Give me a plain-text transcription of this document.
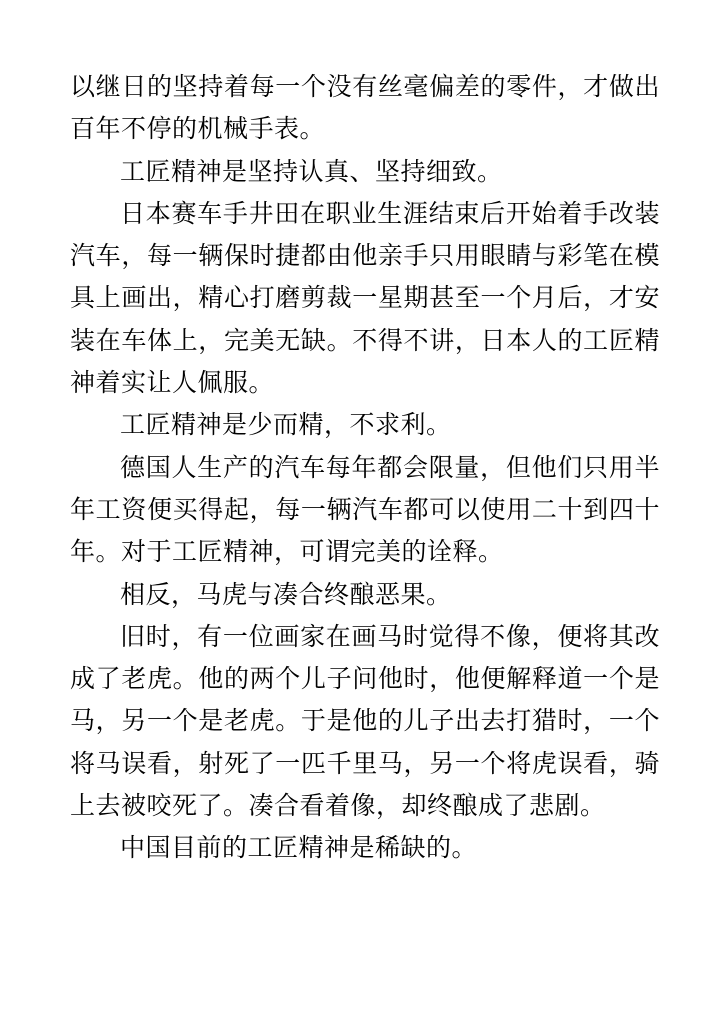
以继日的坚持着每一个没有丝毫偏差的零件，才做出百年不停的机械手表。

工匠精神是坚持认真、坚持细致。

日本赛车手井田在职业生涯结束后开始着手改装汽车，每一辆保时捷都由他亲手只用眼睛与彩笔在模具上画出，精心打磨剪裁一星期甚至一个月后，才安装在车体上，完美无缺。不得不讲，日本人的工匠精神着实让人佩服。

工匠精神是少而精，不求利。

德国人生产的汽车每年都会限量，但他们只用半年工资便买得起，每一辆汽车都可以使用二十到四十年。对于工匠精神，可谓完美的诠释。

相反，马虎与凑合终酿恶果。

旧时，有一位画家在画马时觉得不像，便将其改成了老虎。他的两个儿子问他时，他便解释道一个是马，另一个是老虎。于是他的儿子出去打猎时，一个将马误看，射死了一匹千里马，另一个将虎误看，骑上去被咬死了。凑合看着像，却终酿成了悲剧。

中国目前的工匠精神是稀缺的。
